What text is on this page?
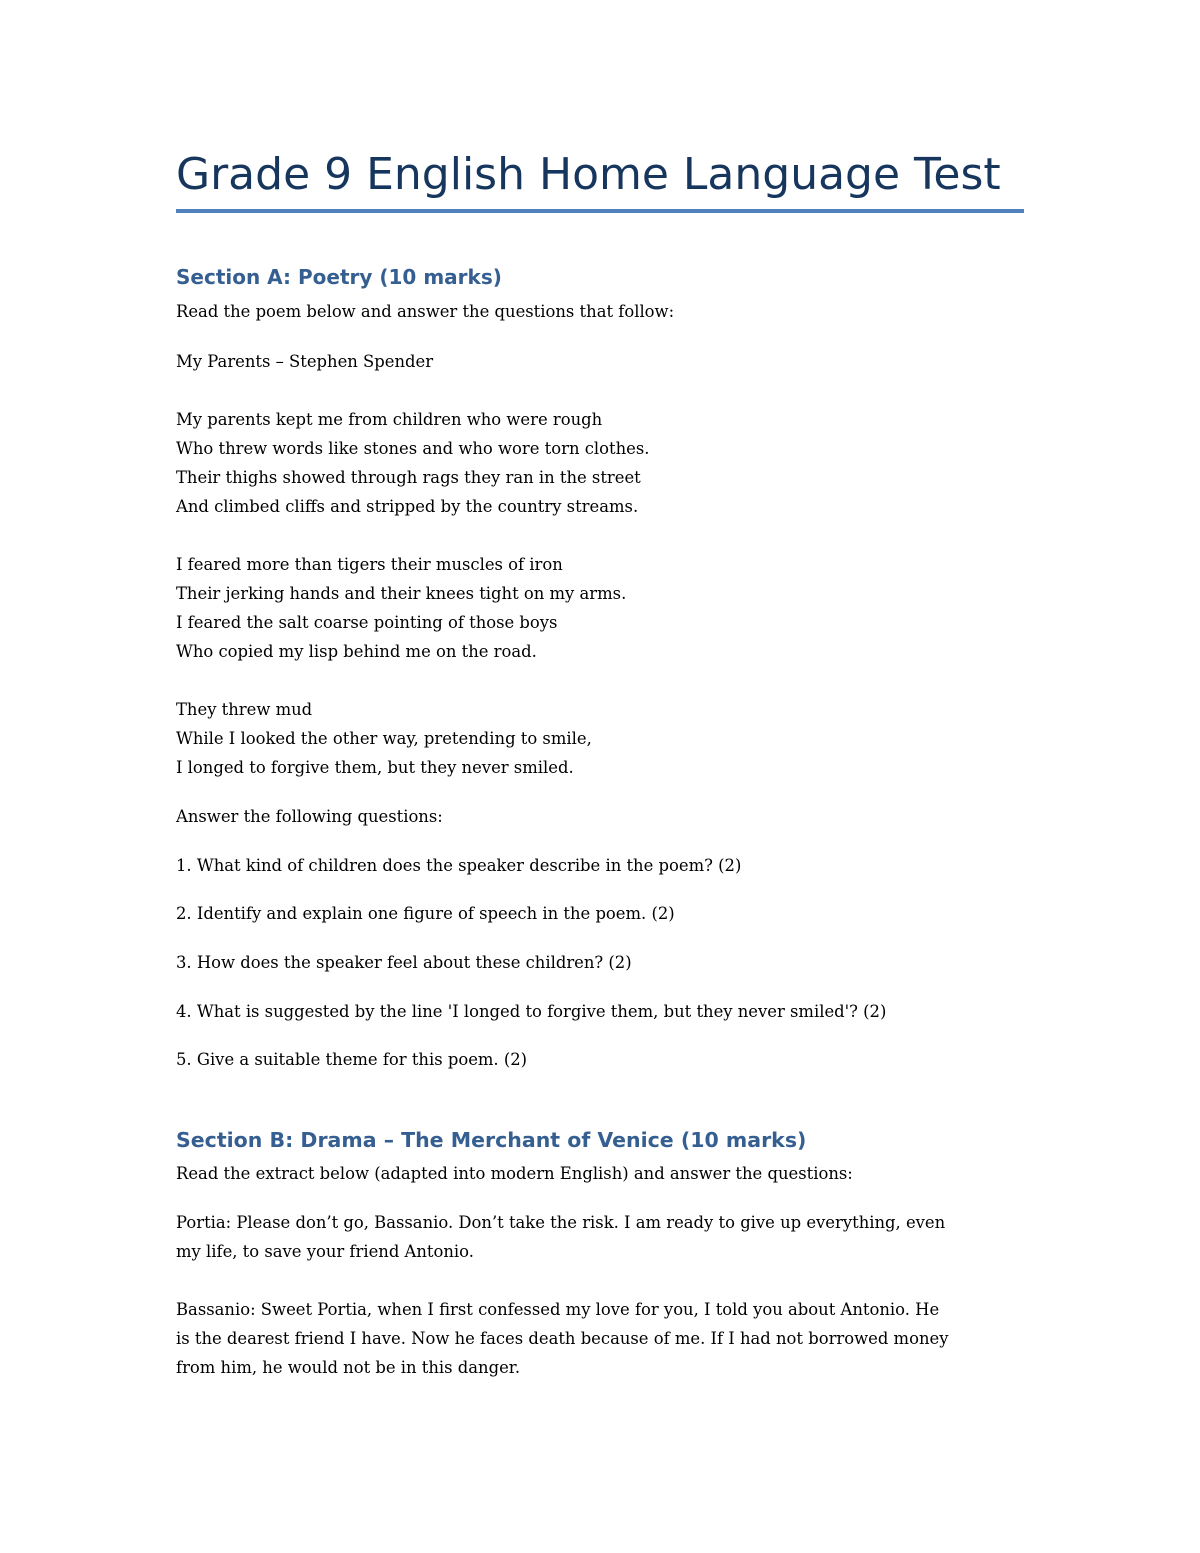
Grade 9 English Home Language Test
Section A: Poetry (10 marks)

Read the poem below and answer the questions that follow:

My Parents – Stephen Spender

My parents kept me from children who were rough
Who threw words like stones and who wore torn clothes.
Their thighs showed through rags they ran in the street
And climbed cliffs and stripped by the country streams.
I feared more than tigers their muscles of iron
Their jerking hands and their knees tight on my arms.
I feared the salt coarse pointing of those boys
Who copied my lisp behind me on the road.
They threw mud
While I looked the other way, pretending to smile,
I longed to forgive them, but they never smiled.

Answer the following questions:

1. What kind of children does the speaker describe in the poem? (2)

2. Identify and explain one figure of speech in the poem. (2)

3. How does the speaker feel about these children? (2)

4. What is suggested by the line 'I longed to forgive them, but they never smiled'? (2)

5. Give a suitable theme for this poem. (2)

Section B: Drama – The Merchant of Venice (10 marks)

Read the extract below (adapted into modern English) and answer the questions:

Portia: Please don’t go, Bassanio. Don’t take the risk. I am ready to give up everything, even
my life, to save your friend Antonio.
Bassanio: Sweet Portia, when I first confessed my love for you, I told you about Antonio. He
is the dearest friend I have. Now he faces death because of me. If I had not borrowed money
from him, he would not be in this danger.
